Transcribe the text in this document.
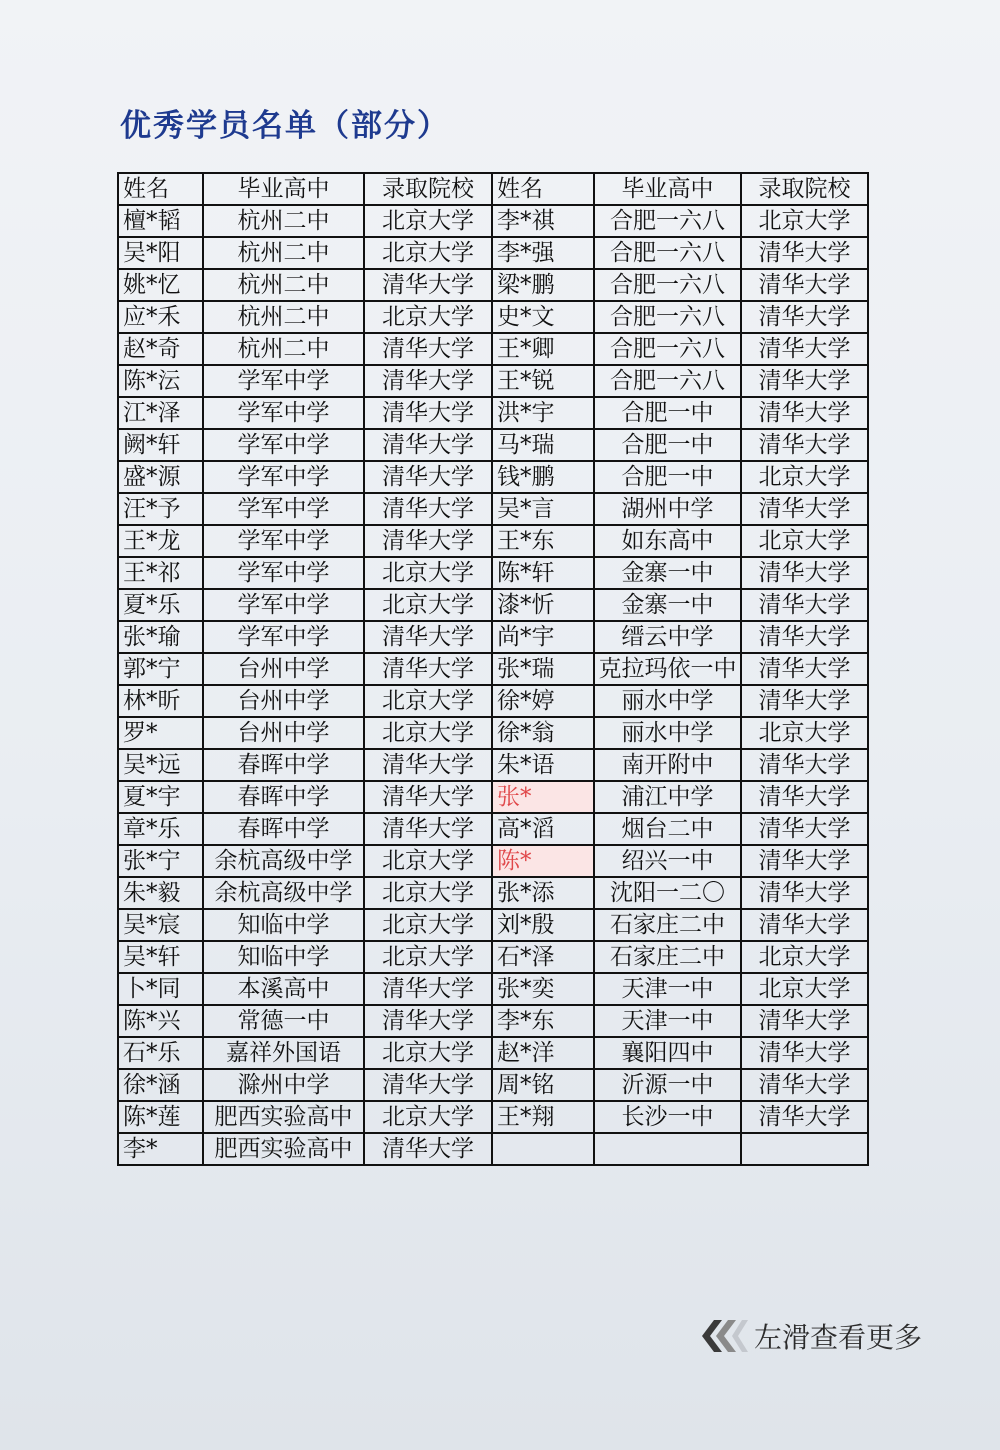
优秀学员名单（部分）
姓名	毕业高中	录取院校	姓名	毕业高中	录取院校
檀*韬	杭州二中	北京大学	李*祺	合肥一六八	北京大学
吴*阳	杭州二中	北京大学	李*强	合肥一六八	清华大学
姚*忆	杭州二中	清华大学	梁*鹏	合肥一六八	清华大学
应*禾	杭州二中	北京大学	史*文	合肥一六八	清华大学
赵*奇	杭州二中	清华大学	王*卿	合肥一六八	清华大学
陈*沄	学军中学	清华大学	王*锐	合肥一六八	清华大学
江*泽	学军中学	清华大学	洪*宇	合肥一中	清华大学
阙*轩	学军中学	清华大学	马*瑞	合肥一中	清华大学
盛*源	学军中学	清华大学	钱*鹏	合肥一中	北京大学
汪*予	学军中学	清华大学	吴*言	湖州中学	清华大学
王*龙	学军中学	清华大学	王*东	如东高中	北京大学
王*祁	学军中学	北京大学	陈*轩	金寨一中	清华大学
夏*乐	学军中学	北京大学	漆*忻	金寨一中	清华大学
张*瑜	学军中学	清华大学	尚*宇	缙云中学	清华大学
郭*宁	台州中学	清华大学	张*瑞	克拉玛依一中	清华大学
林*昕	台州中学	北京大学	徐*婷	丽水中学	清华大学
罗*	台州中学	北京大学	徐*翁	丽水中学	北京大学
吴*远	春晖中学	清华大学	朱*语	南开附中	清华大学
夏*宇	春晖中学	清华大学	张*	浦江中学	清华大学
章*乐	春晖中学	清华大学	高*滔	烟台二中	清华大学
张*宁	余杭高级中学	北京大学	陈*	绍兴一中	清华大学
朱*毅	余杭高级中学	北京大学	张*添	沈阳一二〇	清华大学
吴*宸	知临中学	北京大学	刘*殷	石家庄二中	清华大学
吴*轩	知临中学	北京大学	石*泽	石家庄二中	北京大学
卜*同	本溪高中	清华大学	张*奕	天津一中	北京大学
陈*兴	常德一中	清华大学	李*东	天津一中	清华大学
石*乐	嘉祥外国语	北京大学	赵*洋	襄阳四中	清华大学
徐*涵	滁州中学	清华大学	周*铭	沂源一中	清华大学
陈*莲	肥西实验高中	北京大学	王*翔	长沙一中	清华大学
李*	肥西实验高中	清华大学			
左滑查看更多
